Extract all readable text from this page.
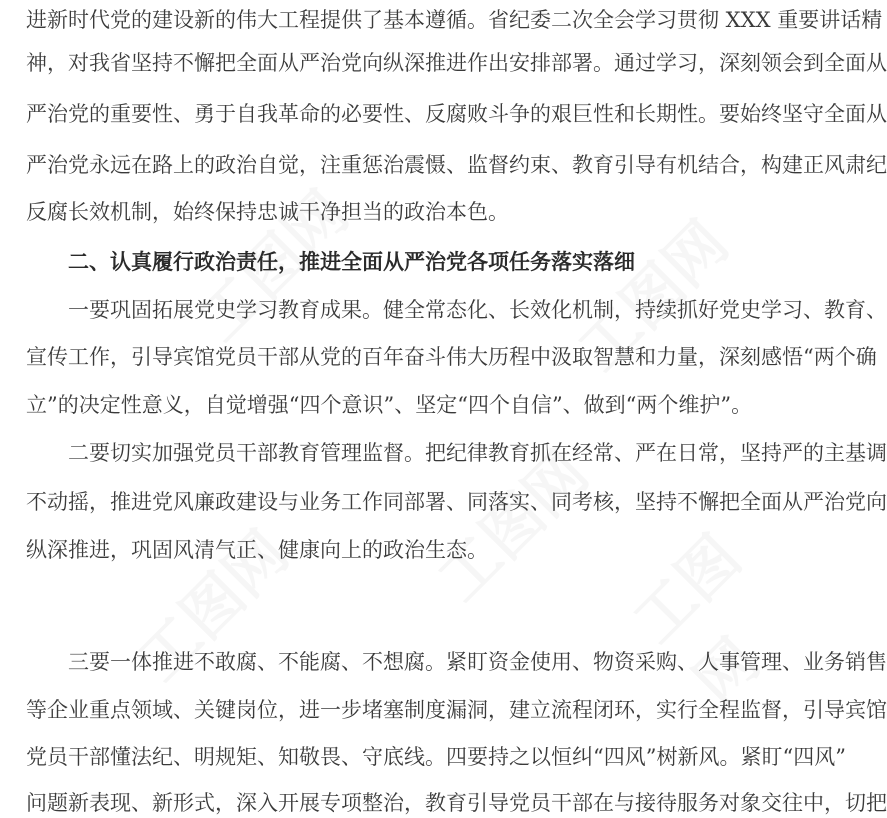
进新时代党的建设新的伟大工程提供了基本遵循。省纪委二次全会学习贯彻 XXX 重要讲话精
神，对我省坚持不懈把全面从严治党向纵深推进作出安排部署。通过学习，深刻领会到全面从
严治党的重要性、勇于自我革命的必要性、反腐败斗争的艰巨性和长期性。要始终坚守全面从
严治党永远在路上的政治自觉，注重惩治震慑、监督约束、教育引导有机结合，构建正风肃纪
反腐长效机制，始终保持忠诚干净担当的政治本色。
二、认真履行政治责任，推进全面从严治党各项任务落实落细
一要巩固拓展党史学习教育成果。健全常态化、长效化机制，持续抓好党史学习、教育、
宣传工作，引导宾馆党员干部从党的百年奋斗伟大历程中汲取智慧和力量，深刻感悟“两个确
立”的决定性意义，自觉增强“四个意识”、坚定“四个自信”、做到“两个维护”。
二要切实加强党员干部教育管理监督。把纪律教育抓在经常、严在日常，坚持严的主基调
不动摇，推进党风廉政建设与业务工作同部署、同落实、同考核，坚持不懈把全面从严治党向
纵深推进，巩固风清气正、健康向上的政治生态。
三要一体推进不敢腐、不能腐、不想腐。紧盯资金使用、物资采购、人事管理、业务销售
等企业重点领域、关键岗位，进一步堵塞制度漏洞，建立流程闭环，实行全程监督，引导宾馆
党员干部懂法纪、明规矩、知敬畏、守底线。四要持之以恒纠“四风”树新风。紧盯“四风”
问题新表现、新形式，深入开展专项整治，教育引导党员干部在与接待服务对象交往中，切把
